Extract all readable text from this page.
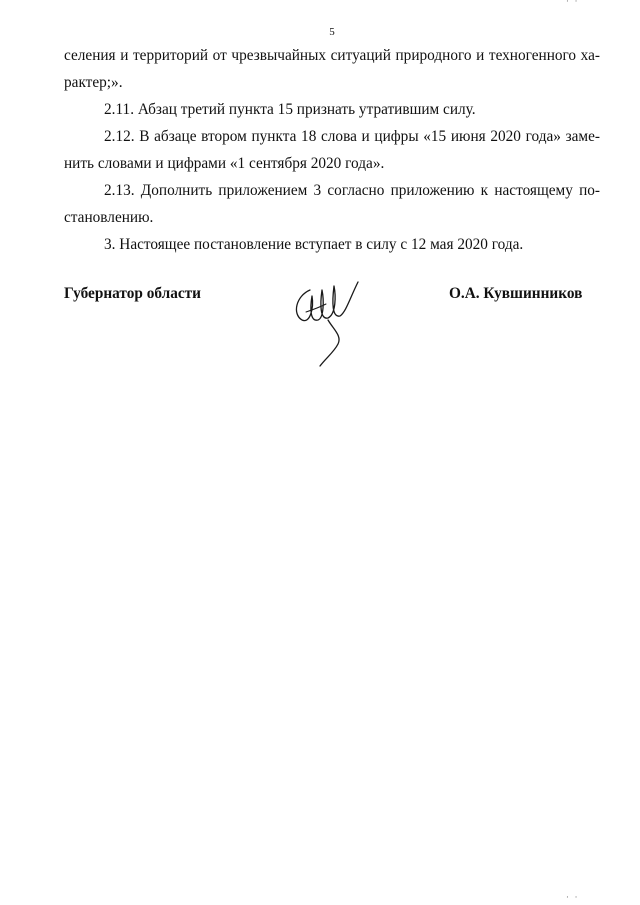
·  ·
5

селения и территорий от чрезвычайных ситуаций природного и техногенного ха-
рактер;».

2.11. Абзац третий пункта 15 признать утратившим силу.

2.12. В абзаце втором пункта 18 слова и цифры «15 июня 2020 года» заме-
нить словами и цифрами «1 сентября 2020 года».

2.13. Дополнить приложением 3 согласно приложению к настоящему по-
становлению.

3. Настоящее постановление вступает в силу с 12 мая 2020 года.

Губернатор области	О.А. Кувшинников
·  ·
